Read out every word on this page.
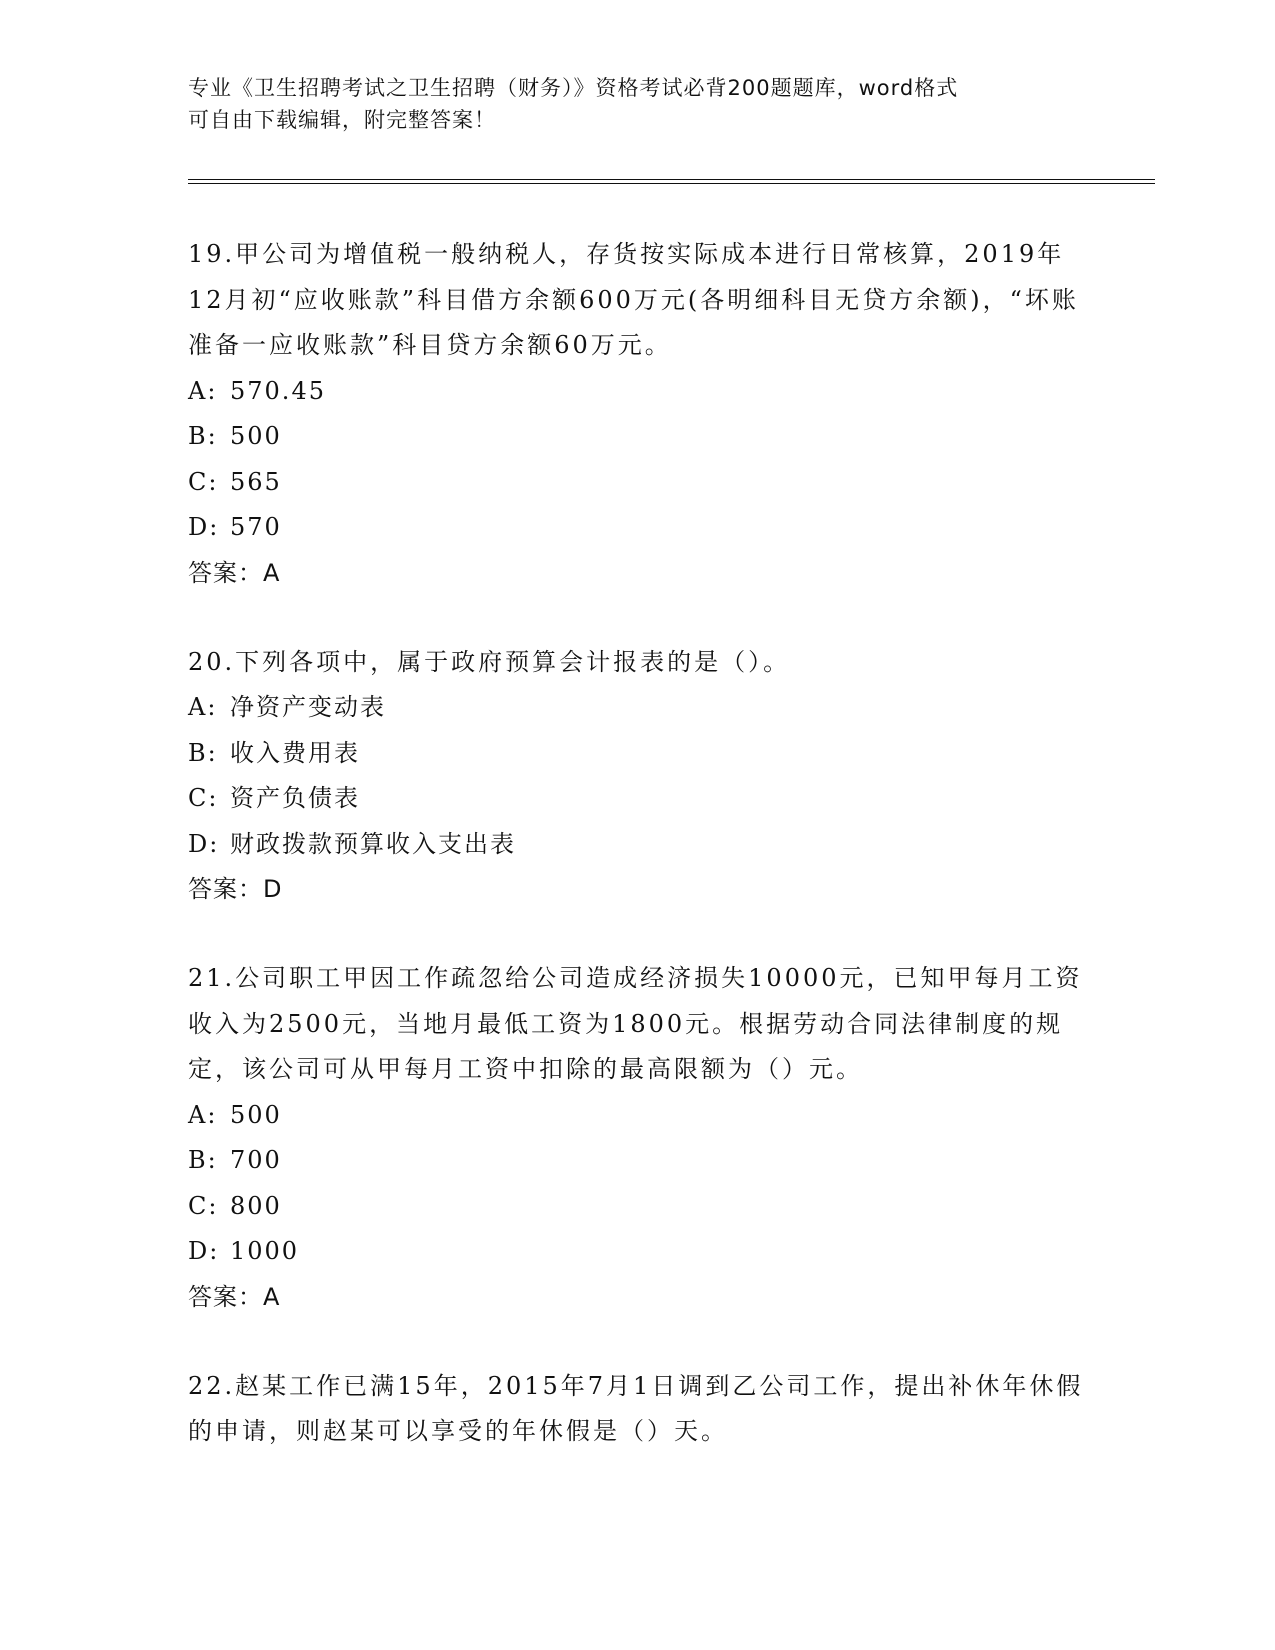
专业《卫生招聘考试之卫生招聘（财务）》资格考试必背200题题库，word格式
可自由下载编辑，附完整答案！
19.甲公司为增值税一般纳税人，存货按实际成本进行日常核算，2019年12月初“应收账款”科目借方余额600万元(各明细科目无贷方余额)，“坏账准备一应收账款”科目贷方余额60万元。
A: 570.45
B: 500
C: 565
D: 570
答案：A
20.下列各项中，属于政府预算会计报表的是（）。
A: 净资产变动表
B: 收入费用表
C: 资产负债表
D: 财政拨款预算收入支出表
答案：D
21.公司职工甲因工作疏忽给公司造成经济损失10000元，已知甲每月工资收入为2500元，当地月最低工资为1800元。根据劳动合同法律制度的规定，该公司可从甲每月工资中扣除的最高限额为（）元。
A: 500
B: 700
C: 800
D: 1000
答案：A
22.赵某工作已满15年，2015年7月1日调到乙公司工作，提出补休年休假的申请，则赵某可以享受的年休假是（）天。
